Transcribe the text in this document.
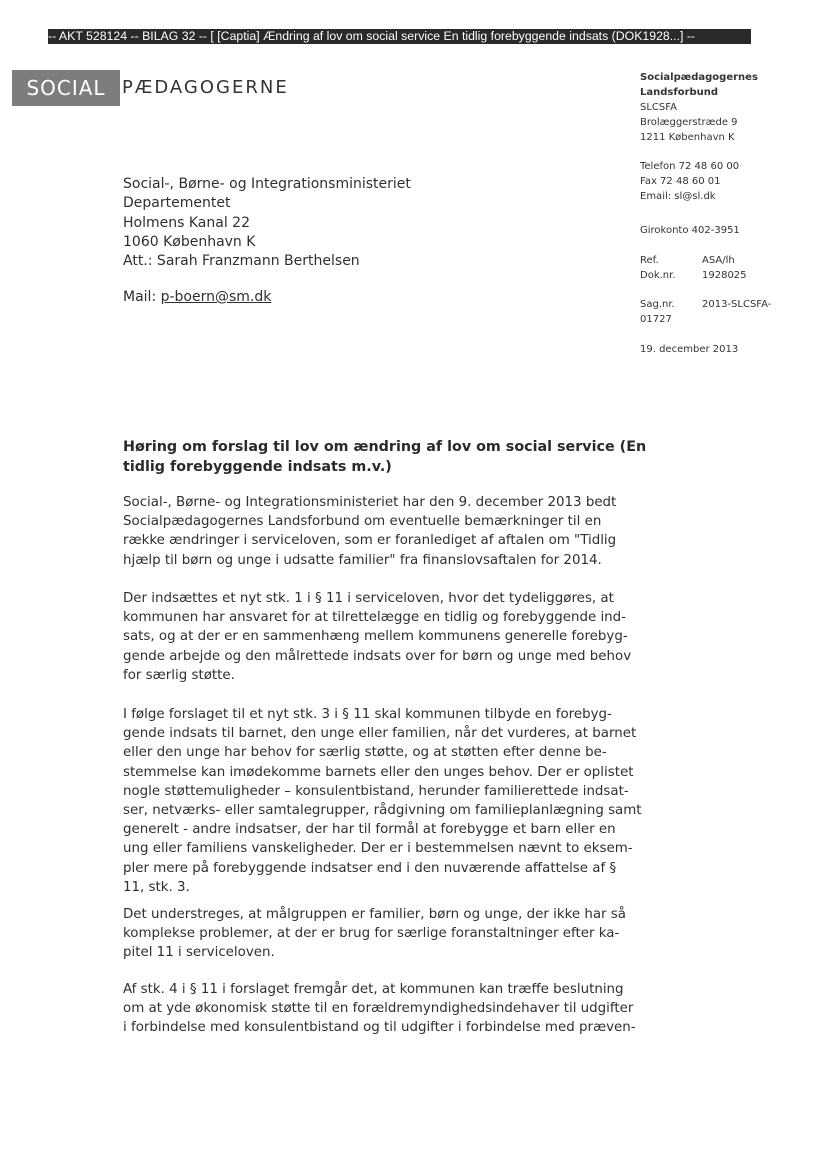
-- AKT 528124 -- BILAG 32 -- [ [Captia] Ændring af lov om social service En tidlig forebyggende indsats (DOK1928...] --
SOCIAL PÆDAGOGERNE	Socialpædagogernes
Landsforbund
SLCSFA
Brolæggerstræde 9
1211 København K
Telefon 72 48 60 00
Fax 72 48 60 01
Email: sl@sl.dk
Girokonto 402-3951
Ref.	ASA/lh
Dok.nr.	1928025
Sag.nr.	2013-SLCSFA-
01727
19. december 2013
Social-, Børne- og Integrationsministeriet
Departementet
Holmens Kanal 22
1060 København K
Att.: Sarah Franzmann Berthelsen
Mail: p-boern@sm.dk
Høring om forslag til lov om ændring af lov om social service (En
tidlig forebyggende indsats m.v.)
Social-, Børne- og Integrationsministeriet har den 9. december 2013 bedt
Socialpædagogernes Landsforbund om eventuelle bemærkninger til en
række ændringer i serviceloven, som er foranlediget af aftalen om "Tidlig
hjælp til børn og unge i udsatte familier" fra finanslovsaftalen for 2014.
Der indsættes et nyt stk. 1 i § 11 i serviceloven, hvor det tydeliggøres, at
kommunen har ansvaret for at tilrettelægge en tidlig og forebyggende ind-
sats, og at der er en sammenhæng mellem kommunens generelle forebyg-
gende arbejde og den målrettede indsats over for børn og unge med behov
for særlig støtte.
I følge forslaget til et nyt stk. 3 i § 11 skal kommunen tilbyde en forebyg-
gende indsats til barnet, den unge eller familien, når det vurderes, at barnet
eller den unge har behov for særlig støtte, og at støtten efter denne be-
stemmelse kan imødekomme barnets eller den unges behov. Der er oplistet
nogle støttemuligheder – konsulentbistand, herunder familierettede indsat-
ser, netværks- eller samtalegrupper, rådgivning om familieplanlægning samt
generelt - andre indsatser, der har til formål at forebygge et barn eller en
ung eller familiens vanskeligheder. Der er i bestemmelsen nævnt to eksem-
pler mere på forebyggende indsatser end i den nuværende affattelse af §
11, stk. 3.
Det understreges, at målgruppen er familier, børn og unge, der ikke har så
komplekse problemer, at der er brug for særlige foranstaltninger efter ka-
pitel 11 i serviceloven.
Af stk. 4 i § 11 i forslaget fremgår det, at kommunen kan træffe beslutning
om at yde økonomisk støtte til en forældremyndighedsindehaver til udgifter
i forbindelse med konsulentbistand og til udgifter i forbindelse med præven-
